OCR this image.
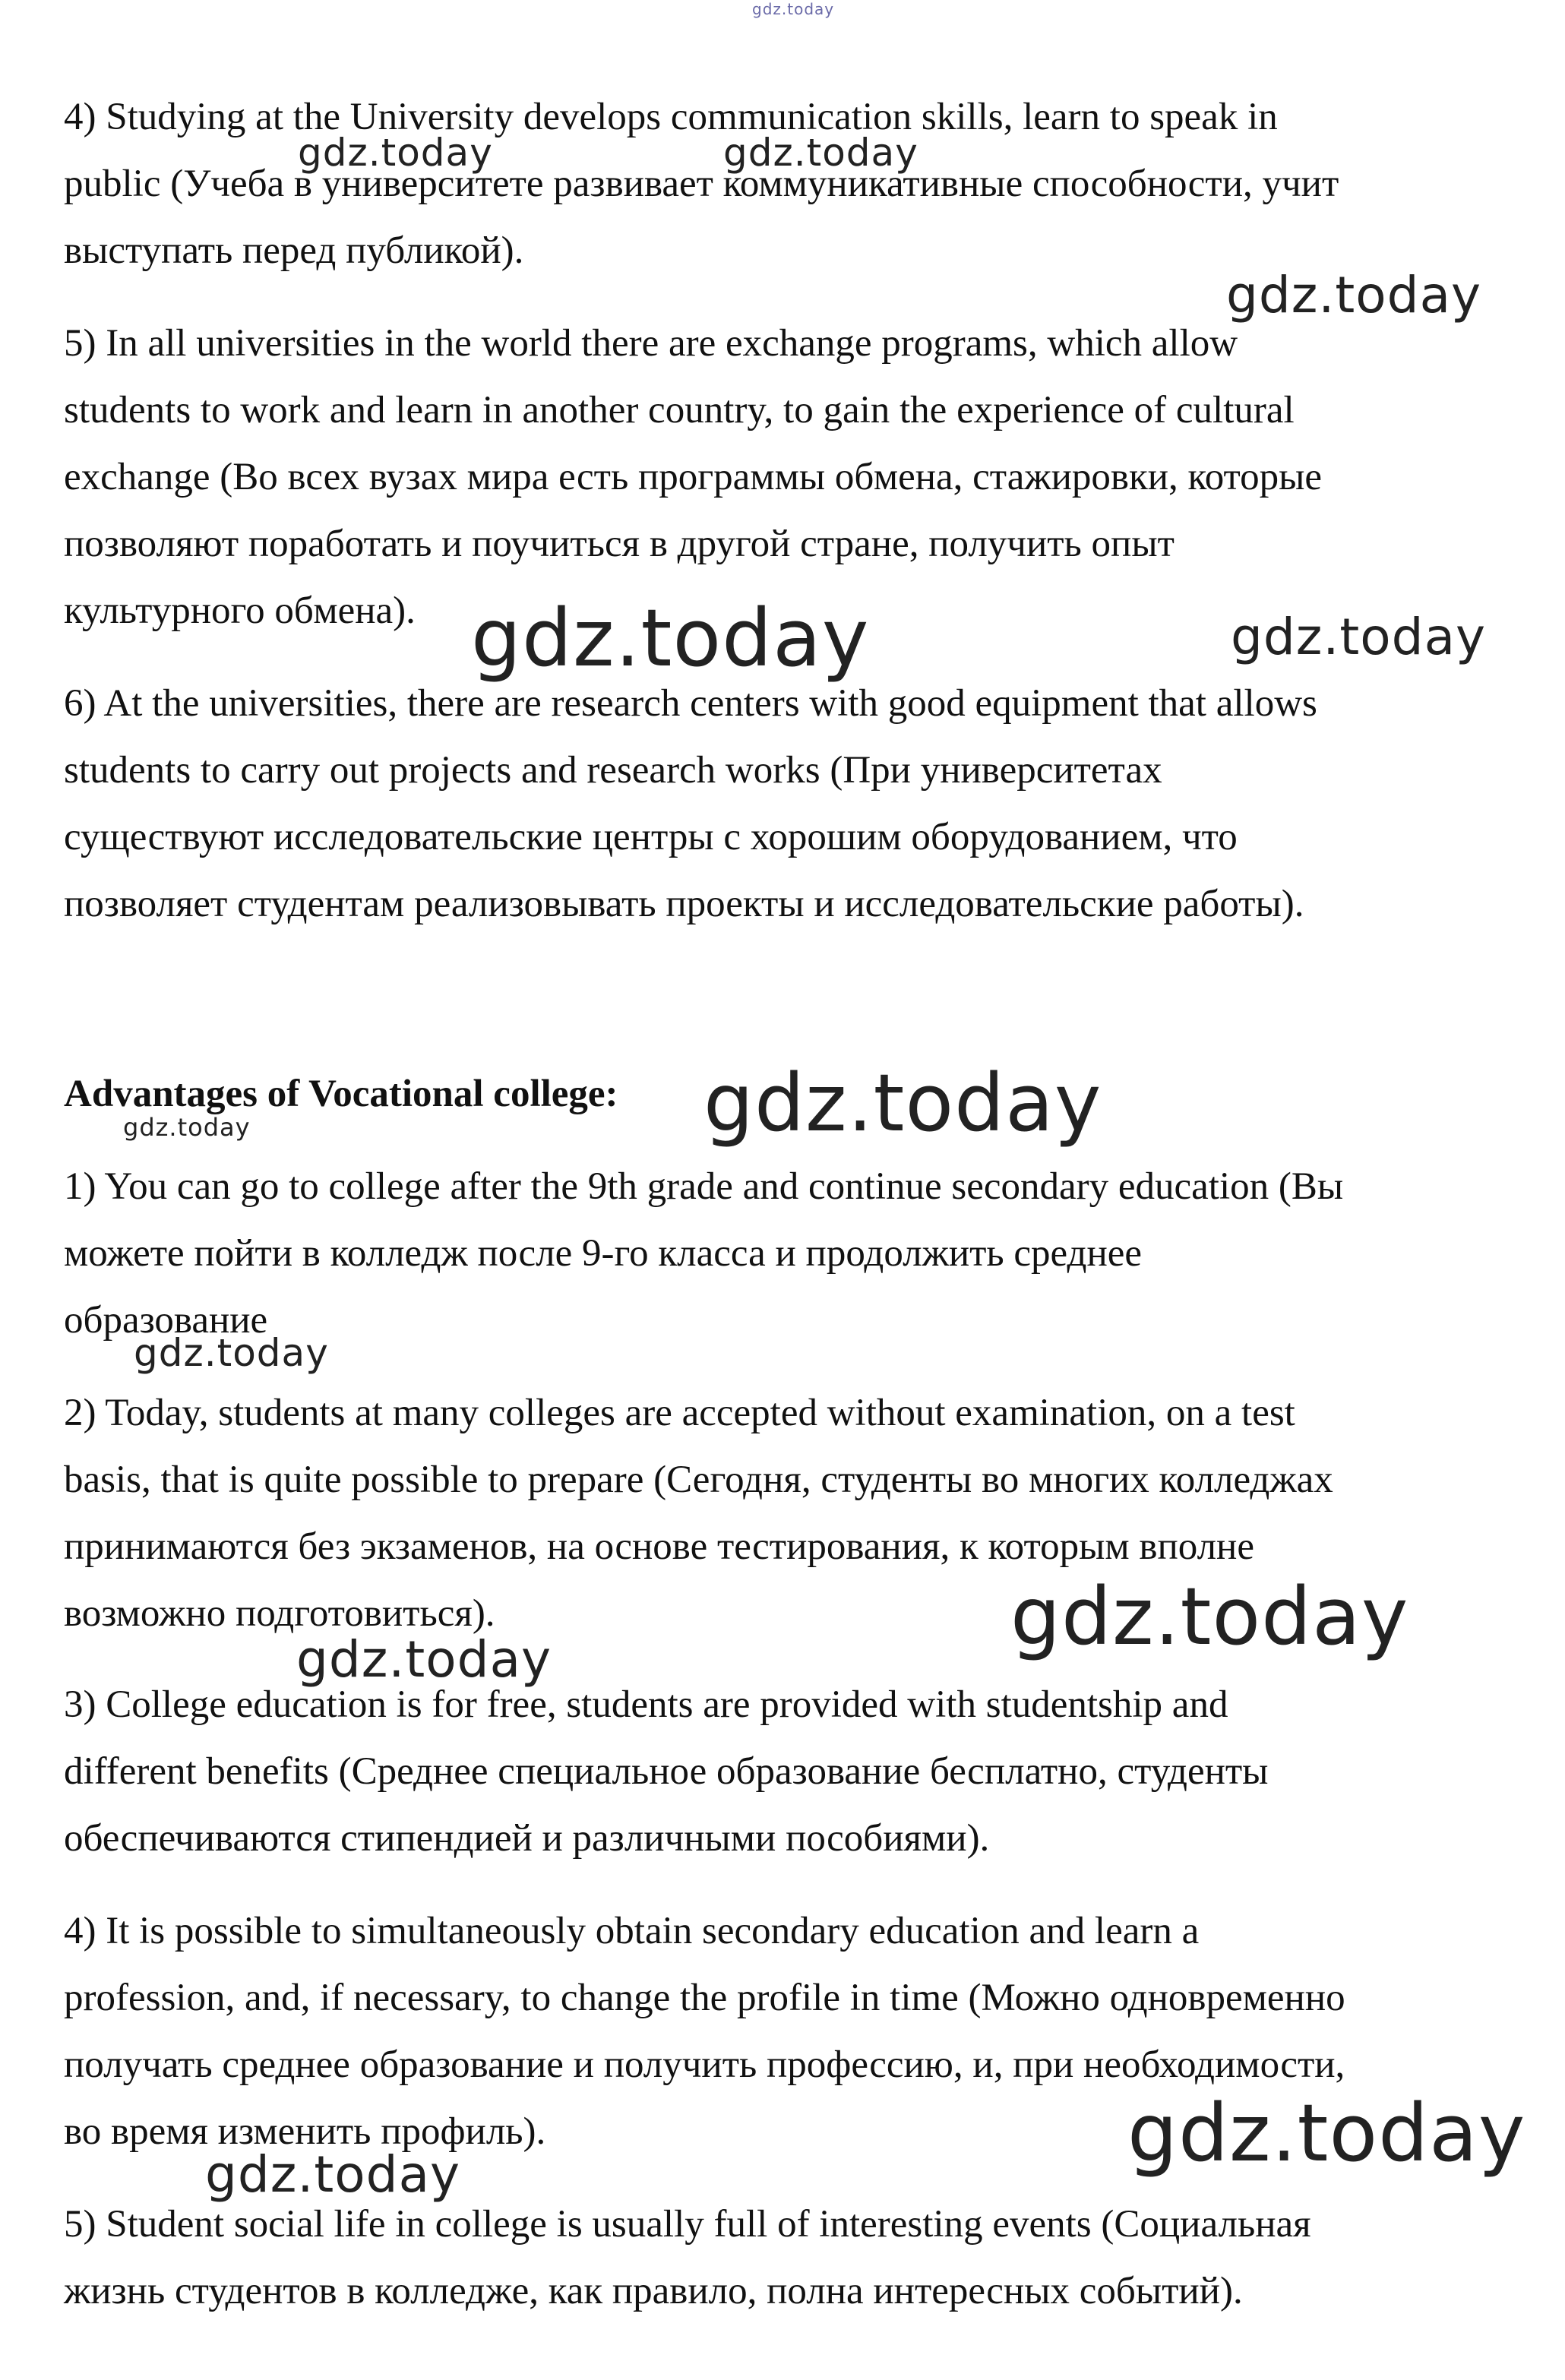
4) Studying at the University develops communication skills, learn to speak in
public (Учеба в университете развивает коммуникативные способности, учит
выступать перед публикой).
5) In all universities in the world there are exchange programs, which allow
students to work and learn in another country, to gain the experience of cultural
exchange (Во всех вузах мира есть программы обмена, стажировки, которые
позволяют поработать и поучиться в другой стране, получить опыт
культурного обмена).
6) At the universities, there are research centers with good equipment that allows
students to carry out projects and research works (При университетах
существуют исследовательские центры с хорошим оборудованием, что
позволяет студентам реализовывать проекты и исследовательские работы).
Advantages of Vocational college:
1) You can go to college after the 9th grade and continue secondary education (Вы
можете пойти в колледж после 9-го класса и продолжить среднее
образование
2) Today, students at many colleges are accepted without examination, on a test
basis, that is quite possible to prepare (Сегодня, студенты во многих колледжах
принимаются без экзаменов, на основе тестирования, к которым вполне
возможно подготовиться).
3) College education is for free, students are provided with studentship and
different benefits (Среднее специальное образование бесплатно, студенты
обеспечиваются стипендией и различными пособиями).
4) It is possible to simultaneously obtain secondary education and learn a
profession, and, if necessary, to change the profile in time (Можно одновременно
получать среднее образование и получить профессию, и, при необходимости,
во время изменить профиль).
5) Student social life in college is usually full of interesting events (Социальная
жизнь студентов в колледже, как правило, полна интересных событий).
gdz.today
gdz.today	gdz.today
gdz.today
gdz.today	gdz.today
gdz.today
gdz.today
gdz.today
gdz.today
gdz.today
gdz.today
gdz.today
